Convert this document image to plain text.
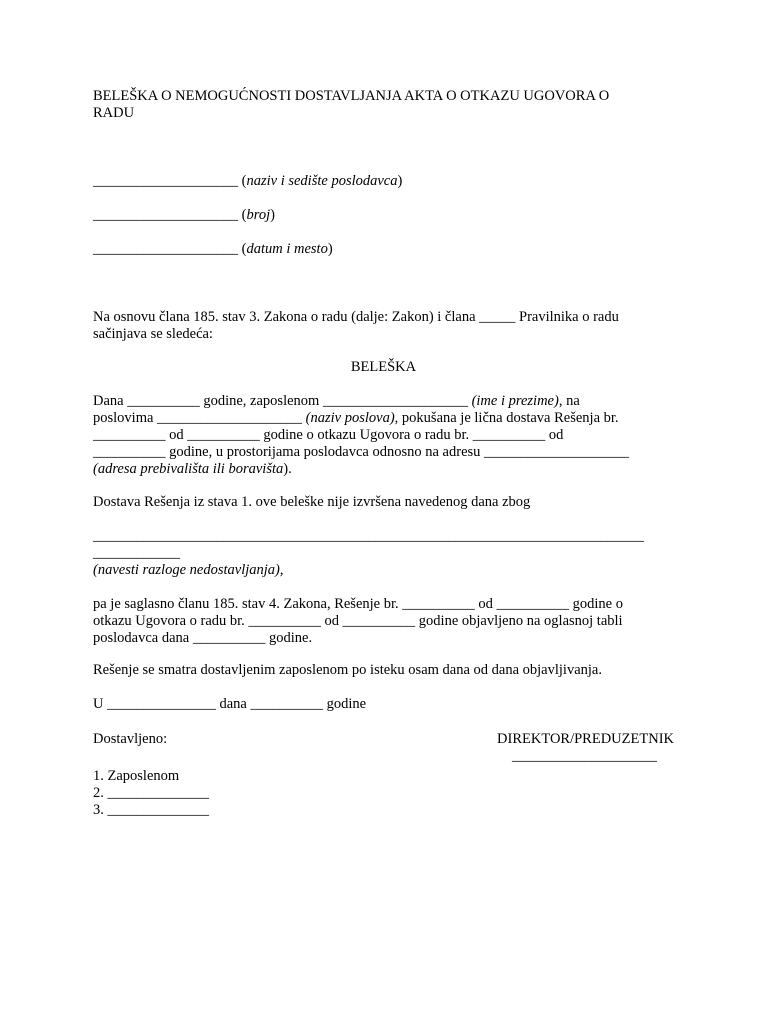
BELEŠKA O NEMOGUĆNOSTI DOSTAVLJANJA AKTA O OTKAZU UGOVORA O
RADU
____________________ (naziv i sedište poslodavca)
____________________ (broj)
____________________ (datum i mesto)
Na osnovu člana 185. stav 3. Zakona o radu (dalje: Zakon) i člana _____ Pravilnika o radu
sačinjava se sledeća:
BELEŠKA
Dana __________ godine, zaposlenom ____________________ (ime i prezime), na
poslovima ____________________ (naziv poslova), pokušana je lična dostava Rešenja br.
__________ od __________ godine o otkazu Ugovora o radu br. __________ od
__________ godine, u prostorijama poslodavca odnosno na adresu ____________________
(adresa prebivališta ili boravišta).
Dostava Rešenja iz stava 1. ove beleške nije izvršena navedenog dana zbog
____________________________________________________________________________
____________
(navesti razloge nedostavljanja),
pa je saglasno članu 185. stav 4. Zakona, Rešenje br. __________ od __________ godine o
otkazu Ugovora o radu br. __________ od __________ godine objavljeno na oglasnoj tabli
poslodavca dana __________ godine.
Rešenje se smatra dostavljenim zaposlenom po isteku osam dana od dana objavljivanja.
U _______________ dana __________ godine
Dostavljeno:	DIREKTOR/PREDUZETNIK
____________________
1. Zaposlenom
2. ______________
3. ______________
